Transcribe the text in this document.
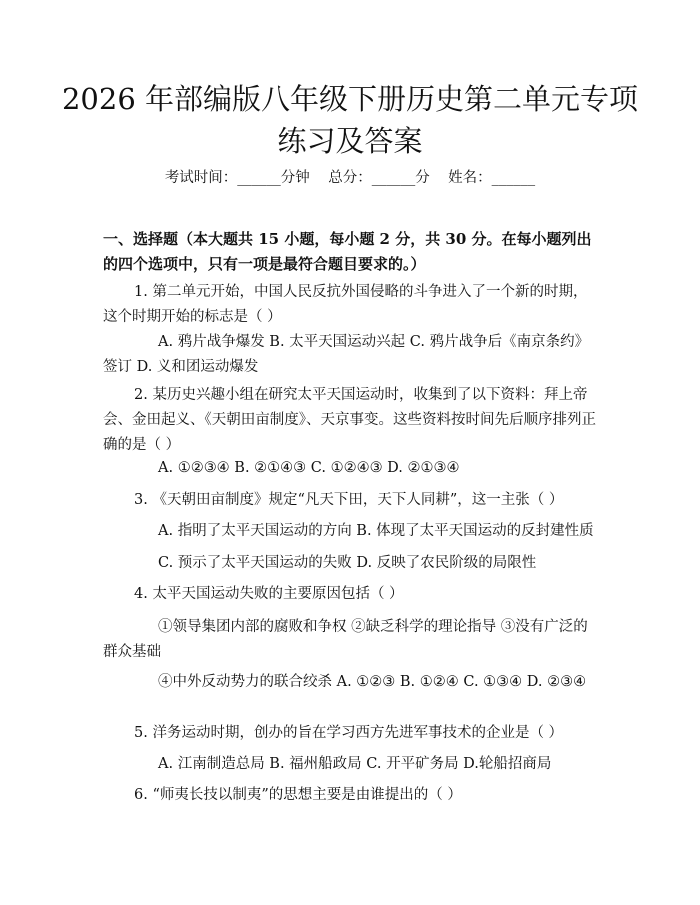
2026 年部编版八年级下册历史第二单元专项练习及答案
考试时间：______分钟    总分：______分    姓名：______

一、选择题（本大题共 15 小题，每小题 2 分，共 30 分。在每小题列出的四个选项中，只有一项是最符合题目要求的。）

1. 第二单元开始，中国人民反抗外国侵略的斗争进入了一个新的时期，这个时期开始的标志是（ ）

A. 鸦片战争爆发 B. 太平天国运动兴起 C. 鸦片战争后《南京条约》签订 D. 义和团运动爆发

2. 某历史兴趣小组在研究太平天国运动时，收集到了以下资料：拜上帝会、金田起义、《天朝田亩制度》、天京事变。这些资料按时间先后顺序排列正确的是（ ）

A. ①②③④ B. ②①④③ C. ①②④③ D. ②①③④

3. 《天朝田亩制度》规定“凡天下田，天下人同耕”，这一主张（ ）

A. 指明了太平天国运动的方向 B. 体现了太平天国运动的反封建性质

C. 预示了太平天国运动的失败 D. 反映了农民阶级的局限性

4. 太平天国运动失败的主要原因包括（ ）

①领导集团内部的腐败和争权 ②缺乏科学的理论指导 ③没有广泛的群众基础

④中外反动势力的联合绞杀 A. ①②③ B. ①②④ C. ①③④ D. ②③④

5. 洋务运动时期，创办的旨在学习西方先进军事技术的企业是（ ）

A. 江南制造总局 B. 福州船政局 C. 开平矿务局 D.轮船招商局

6. “师夷长技以制夷”的思想主要是由谁提出的（ ）
